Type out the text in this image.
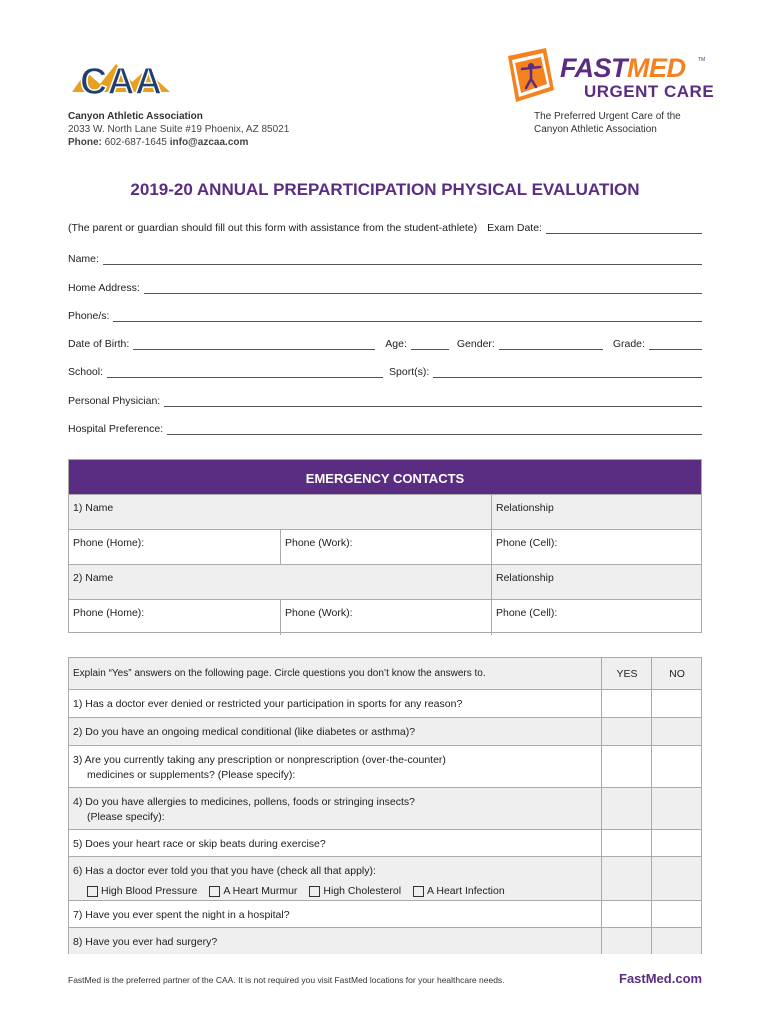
CAA
Canyon Athletic Association
2033 W. North Lane Suite #19 Phoenix, AZ 85021
Phone: 602-687-1645 info@azcaa.com
FASTMED TM
URGENT CARE
The Preferred Urgent Care of the
Canyon Athletic Association
2019-20 ANNUAL PREPARTICIPATION PHYSICAL EVALUATION
(The parent or guardian should fill out this form with assistance from the student-athlete) Exam Date:
Name:
Home Address:
Phone/s:
Date of Birth:	Age:	Gender:	Grade:
School:	Sport(s):
Personal Physician:
Hospital Preference:
EMERGENCY CONTACTS
1) Name	Relationship
Phone (Home):	Phone (Work):	Phone (Cell):
2) Name	Relationship
Phone (Home):	Phone (Work):	Phone (Cell):
Explain “Yes” answers on the following page. Circle questions you don’t know the answers to.	YES	NO
1) Has a doctor ever denied or restricted your participation in sports for any reason?
2) Do you have an ongoing medical conditional (like diabetes or asthma)?
3) Are you currently taking any prescription or nonprescription (over-the-counter)
medicines or supplements? (Please specify):
4) Do you have allergies to medicines, pollens, foods or stringing insects?
(Please specify):
5) Does your heart race or skip beats during exercise?
6) Has a doctor ever told you that you have (check all that apply):
High Blood Pressure A Heart Murmur High Cholesterol A Heart Infection
7) Have you ever spent the night in a hospital?
8) Have you ever had surgery?
FastMed is the preferred partner of the CAA. It is not required you visit FastMed locations for your healthcare needs.	FastMed.com
